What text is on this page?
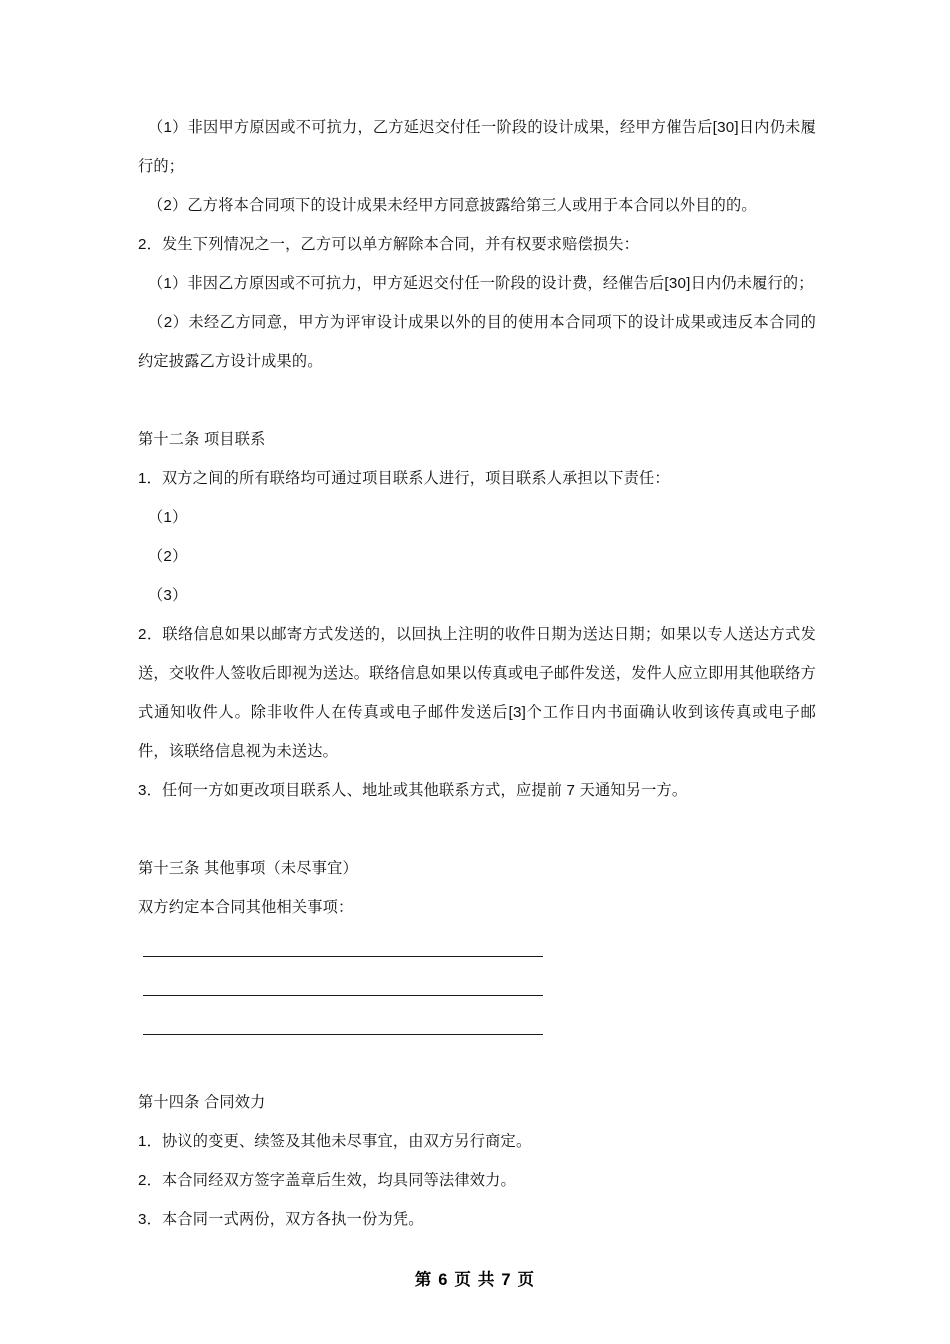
（1）非因甲方原因或不可抗力，乙方延迟交付任一阶段的设计成果，经甲方催告后[30]日内仍未履行的；

（2）乙方将本合同项下的设计成果未经甲方同意披露给第三人或用于本合同以外目的的。

2．发生下列情况之一，乙方可以单方解除本合同，并有权要求赔偿损失：

（1）非因乙方原因或不可抗力，甲方延迟交付任一阶段的设计费，经催告后[30]日内仍未履行的；

（2）未经乙方同意，甲方为评审设计成果以外的目的使用本合同项下的设计成果或违反本合同的约定披露乙方设计成果的。

第十二条 项目联系

1．双方之间的所有联络均可通过项目联系人进行，项目联系人承担以下责任：

（1）

（2）

（3）

2．联络信息如果以邮寄方式发送的，以回执上注明的收件日期为送达日期；如果以专人送达方式发送，交收件人签收后即视为送达。联络信息如果以传真或电子邮件发送，发件人应立即用其他联络方式通知收件人。除非收件人在传真或电子邮件发送后[3]个工作日内书面确认收到该传真或电子邮件，该联络信息视为未送达。

3．任何一方如更改项目联系人、地址或其他联系方式，应提前 7 天通知另一方。

第十三条 其他事项（未尽事宜）

双方约定本合同其他相关事项：

第十四条 合同效力

1．协议的变更、续签及其他未尽事宜，由双方另行商定。

2．本合同经双方签字盖章后生效，均具同等法律效力。

3．本合同一式两份，双方各执一份为凭。

第 6 页 共 7 页
